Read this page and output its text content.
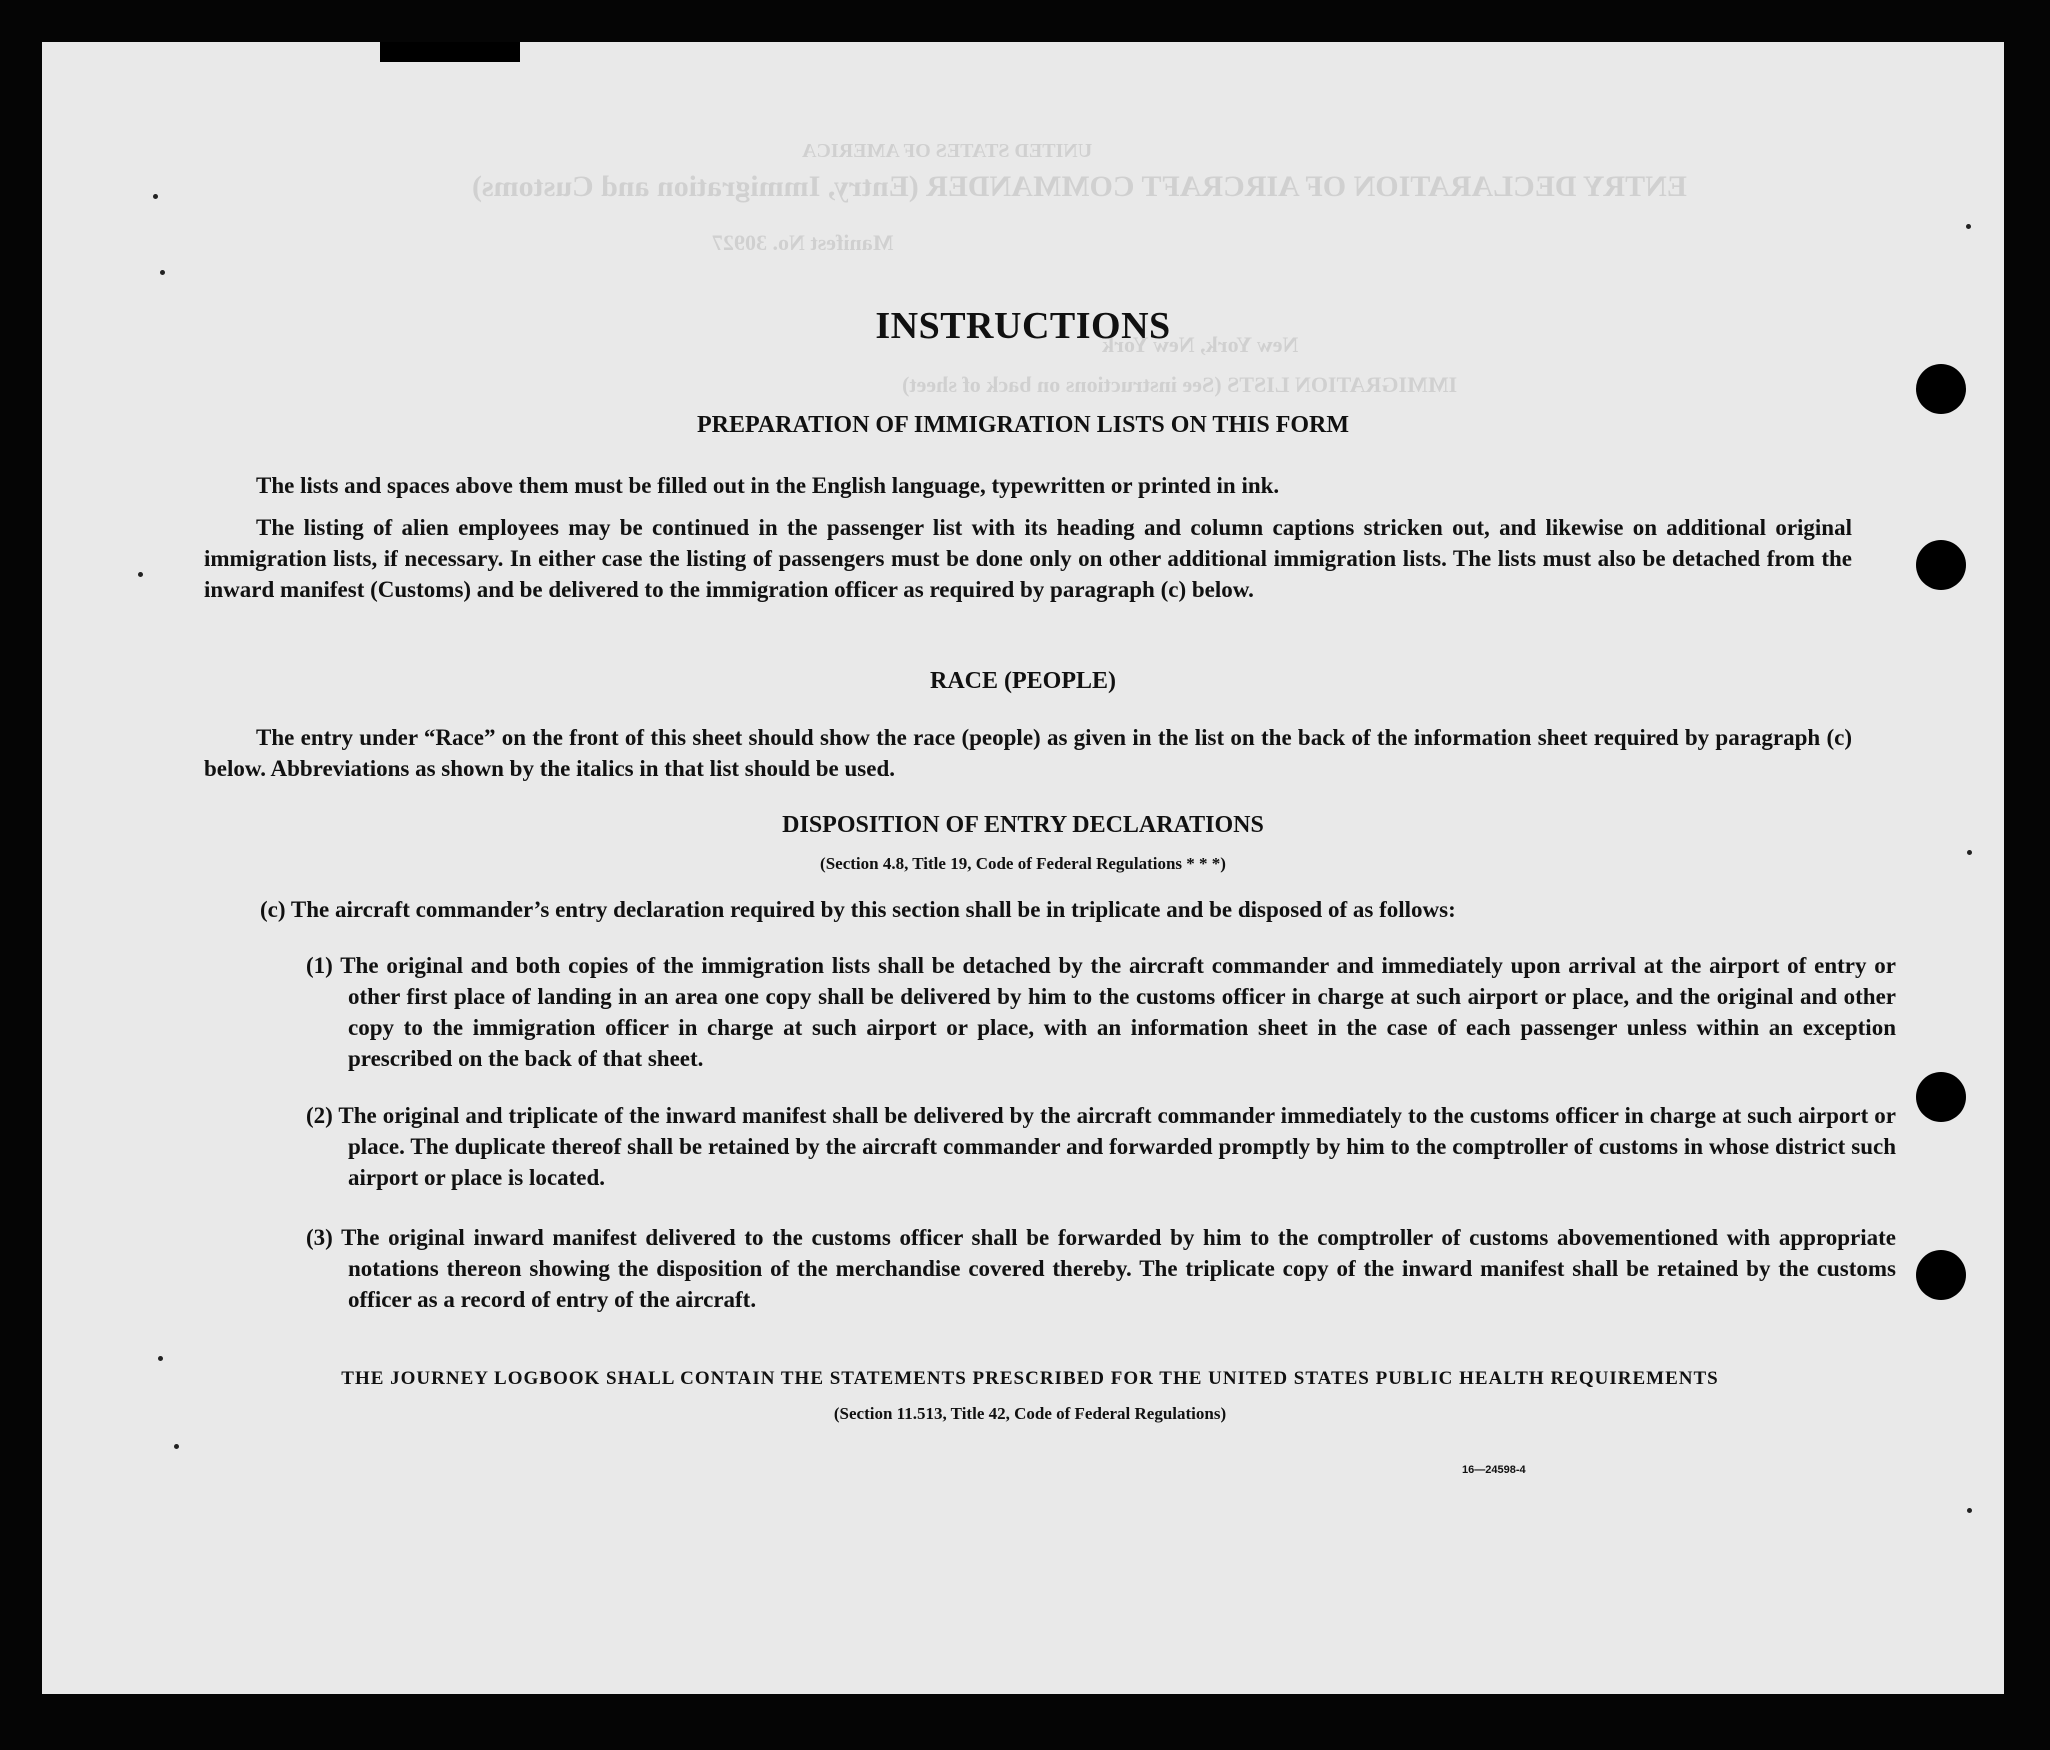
UNITED STATES OF AMERICA
ENTRY DECLARATION OF AIRCRAFT COMMANDER (Entry, Immigration and Customs)
Manifest No. 30927
New York, New York
IMMIGRATION LISTS (See instructions on back of sheet)
INSTRUCTIONS
PREPARATION OF IMMIGRATION LISTS ON THIS FORM

The lists and spaces above them must be filled out in the English language, typewritten or printed in ink.

The listing of alien employees may be continued in the passenger list with its heading and column captions stricken out, and likewise on additional original immigration lists, if necessary. In either case the listing of passengers must be done only on other additional immigration lists. The lists must also be detached from the inward manifest (Customs) and be delivered to the immigration officer as required by paragraph (c) below.

RACE (PEOPLE)

The entry under “Race” on the front of this sheet should show the race (people) as given in the list on the back of the information sheet required by paragraph (c) below. Abbreviations as shown by the italics in that list should be used.

DISPOSITION OF ENTRY DECLARATIONS
(Section 4.8, Title 19, Code of Federal Regulations * * *)

(c) The aircraft commander’s entry declaration required by this section shall be in triplicate and be disposed of as follows:

(1) The original and both copies of the immigration lists shall be detached by the aircraft commander and immediately upon arrival at the airport of entry or other first place of landing in an area one copy shall be delivered by him to the customs officer in charge at such airport or place, and the original and other copy to the immigration officer in charge at such airport or place, with an information sheet in the case of each passenger unless within an exception prescribed on the back of that sheet.

(2) The original and triplicate of the inward manifest shall be delivered by the aircraft commander immediately to the customs officer in charge at such airport or place. The duplicate thereof shall be retained by the aircraft commander and forwarded promptly by him to the comptroller of customs in whose district such airport or place is located.

(3) The original inward manifest delivered to the customs officer shall be forwarded by him to the comptroller of customs abovementioned with appropriate notations thereon showing the disposition of the merchandise covered thereby. The triplicate copy of the inward manifest shall be retained by the customs officer as a record of entry of the aircraft.

THE JOURNEY LOGBOOK SHALL CONTAIN THE STATEMENTS PRESCRIBED FOR THE UNITED STATES PUBLIC HEALTH REQUIREMENTS
(Section 11.513, Title 42, Code of Federal Regulations)
16—24598-4
